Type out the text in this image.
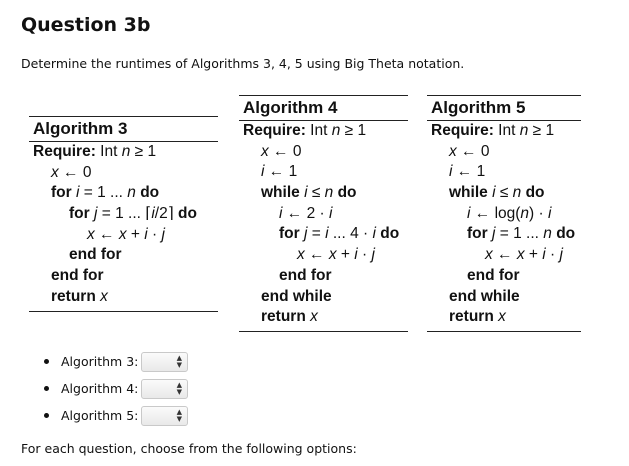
Question 3b
Determine the runtimes of Algorithms 3, 4, 5 using Big Theta notation.
Algorithm 3
Require: Int n ≥ 1
x ← 0
for i = 1 ... n do
for j = 1 ... ⌈i/2⌉ do
x ← x + i · j
end for
end for
return x
Algorithm 4
Require: Int n ≥ 1
x ← 0
i ← 1
while i ≤ n do
i ← 2 · i
for j = i ... 4 · i do
x ← x + i · j
end for
end while
return x
Algorithm 5
Require: Int n ≥ 1
x ← 0
i ← 1
while i ≤ n do
i ← log(n) · i
for j = 1 ... n do
x ← x + i · j
end for
end while
return x
Algorithm 3:	▲
▼
Algorithm 4:	▲
▼
Algorithm 5:	▲
▼
For each question, choose from the following options:
